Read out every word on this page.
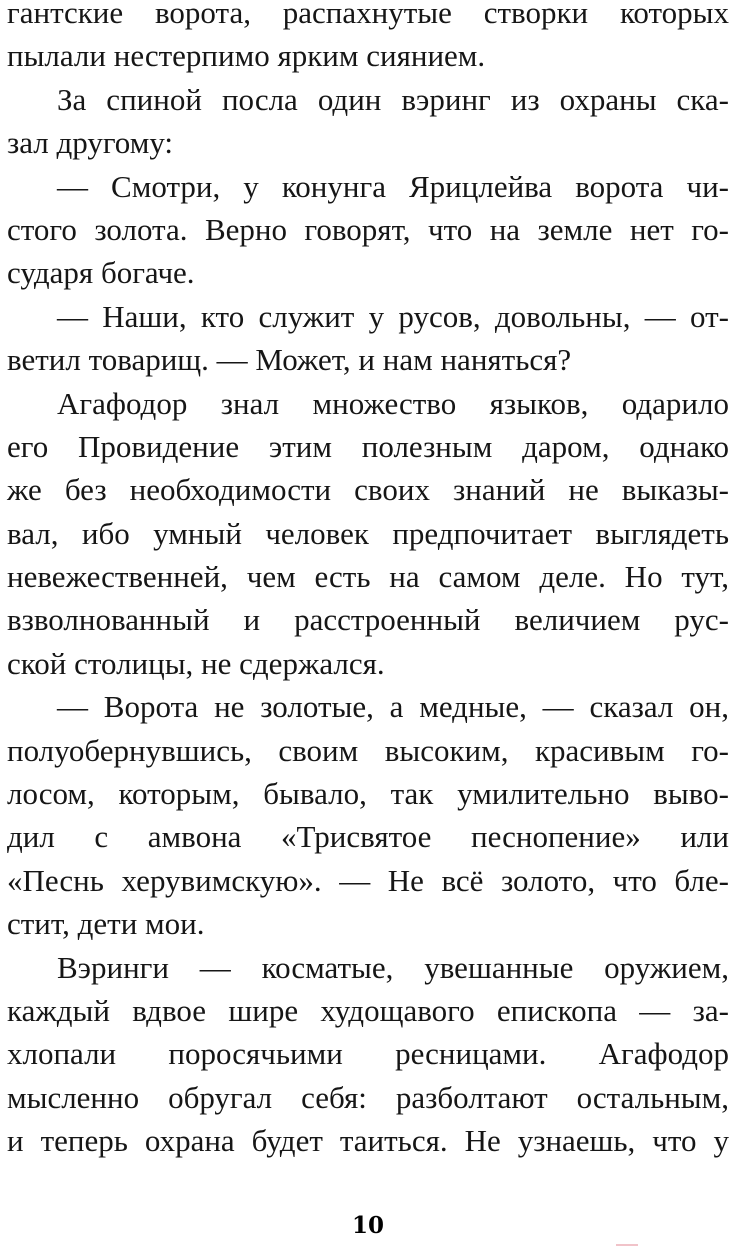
гантские ворота, распахнутые створки которых
пылали нестерпимо ярким сиянием.
За спиной посла один вэринг из охраны ска-
зал другому:
— Смотри, у конунга Ярицлейва ворота чи-
стого золота. Верно говорят, что на земле нет го-
сударя богаче.
— Наши, кто служит у русов, довольны, — от-
ветил товарищ. — Может, и нам наняться?
Агафодор знал множество языков, одарило
его Провидение этим полезным даром, однако
же без необходимости своих знаний не выказы-
вал, ибо умный человек предпочитает выглядеть
невежественней, чем есть на самом деле. Но тут,
взволнованный и расстроенный величием рус-
ской столицы, не сдержался.
— Ворота не золотые, а медные, — сказал он,
полуобернувшись, своим высоким, красивым го-
лосом, которым, бывало, так умилительно выво-
дил с амвона «Трисвятое песнопение» или
«Песнь херувимскую». — Не всё золото, что бле-
стит, дети мои.
Вэринги — косматые, увешанные оружием,
каждый вдвое шире худощавого епископа — за-
хлопали поросячьими ресницами. Агафодор
мысленно обругал себя: разболтают остальным,
и теперь охрана будет таиться. Не узнаешь, что у
10
